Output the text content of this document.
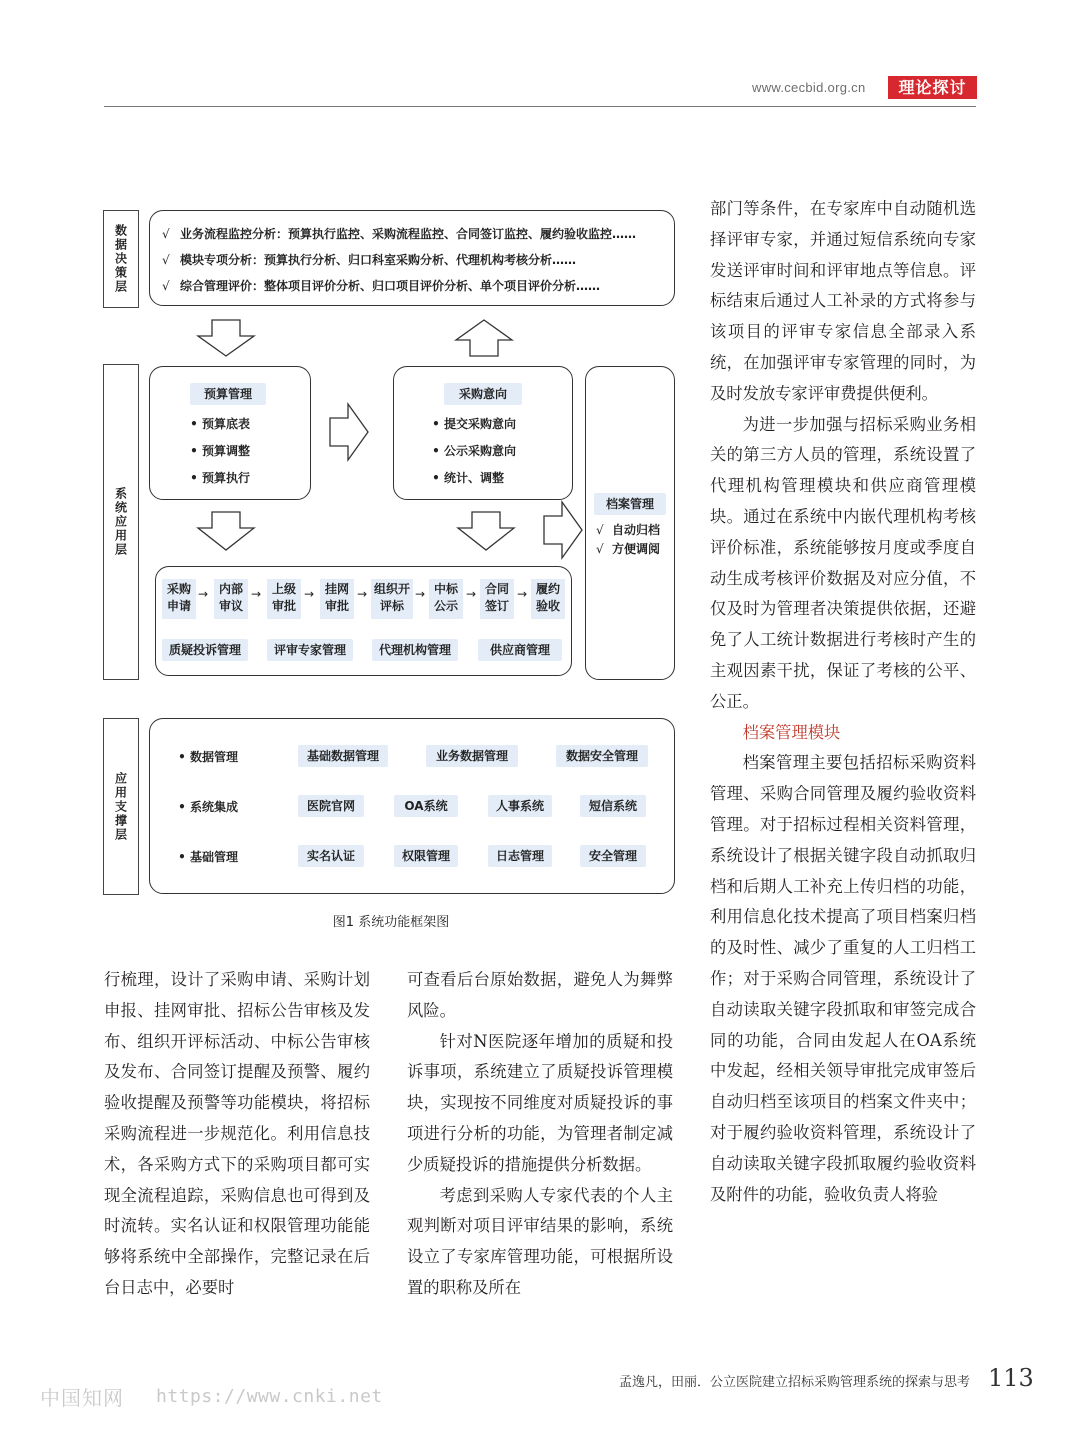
www.cecbid.org.cn	理论探讨
数据决策层
系统应用层
应用支撑层
√ 业务流程监控分析：预算执行监控、采购流程监控、合同签订监控、履约验收监控……
√ 模块专项分析：预算执行分析、归口科室采购分析、代理机构考核分析……
√ 综合管理评价：整体项目评价分析、归口项目评价分析、单个项目评价分析……
预算管理
• 预算底表
• 预算调整
• 预算执行
采购意向
• 提交采购意向
• 公示采购意向
• 统计、调整
档案管理
√ 自动归档
√ 方便调阅
采购
申请
→ 内部
审议
→ 上级
审批
→ 挂网
审批
→ 组织开
评标
→ 中标
公示
→ 合同
签订
→ 履约
验收
质疑投诉管理	评审专家管理	代理机构管理	供应商管理
• 数据管理	基础数据管理	业务数据管理	数据安全管理
• 系统集成	医院官网	OA系统	人事系统	短信系统
• 基础管理	实名认证	权限管理	日志管理	安全管理
图1 系统功能框架图

行梳理，设计了采购申请、采购计划申报、挂网审批、招标公告审核及发布、组织开评标活动、中标公告审核及发布、合同签订提醒及预警、履约验收提醒及预警等功能模块，将招标采购流程进一步规范化。利用信息技术，各采购方式下的采购项目都可实现全流程追踪，采购信息也可得到及时流转。实名认证和权限管理功能能够将系统中全部操作，完整记录在后台日志中，必要时

可查看后台原始数据，避免人为舞弊风险。

针对N医院逐年增加的质疑和投诉事项，系统建立了质疑投诉管理模块，实现按不同维度对质疑投诉的事项进行分析的功能，为管理者制定减少质疑投诉的措施提供分析数据。

考虑到采购人专家代表的个人主观判断对项目评审结果的影响，系统设立了专家库管理功能，可根据所设置的职称及所在

部门等条件，在专家库中自动随机选择评审专家，并通过短信系统向专家发送评审时间和评审地点等信息。评标结束后通过人工补录的方式将参与该项目的评审专家信息全部录入系统，在加强评审专家管理的同时，为及时发放专家评审费提供便利。

为进一步加强与招标采购业务相关的第三方人员的管理，系统设置了代理机构管理模块和供应商管理模块。通过在系统中内嵌代理机构考核评价标准，系统能够按月度或季度自动生成考核评价数据及对应分值，不仅及时为管理者决策提供依据，还避免了人工统计数据进行考核时产生的主观因素干扰，保证了考核的公平、公正。

档案管理模块

档案管理主要包括招标采购资料管理、采购合同管理及履约验收资料管理。对于招标过程相关资料管理，系统设计了根据关键字段自动抓取归档和后期人工补充上传归档的功能，利用信息化技术提高了项目档案归档的及时性、减少了重复的人工归档工作；对于采购合同管理，系统设计了自动读取关键字段抓取和审签完成合同的功能，合同由发起人在OA系统中发起，经相关领导审批完成审签后自动归档至该项目的档案文件夹中；对于履约验收资料管理，系统设计了自动读取关键字段抓取履约验收资料及附件的功能，验收负责人将验

中国知网 https://www.cnki.net
孟逸凡，田丽．公立医院建立招标采购管理系统的探索与思考 113
